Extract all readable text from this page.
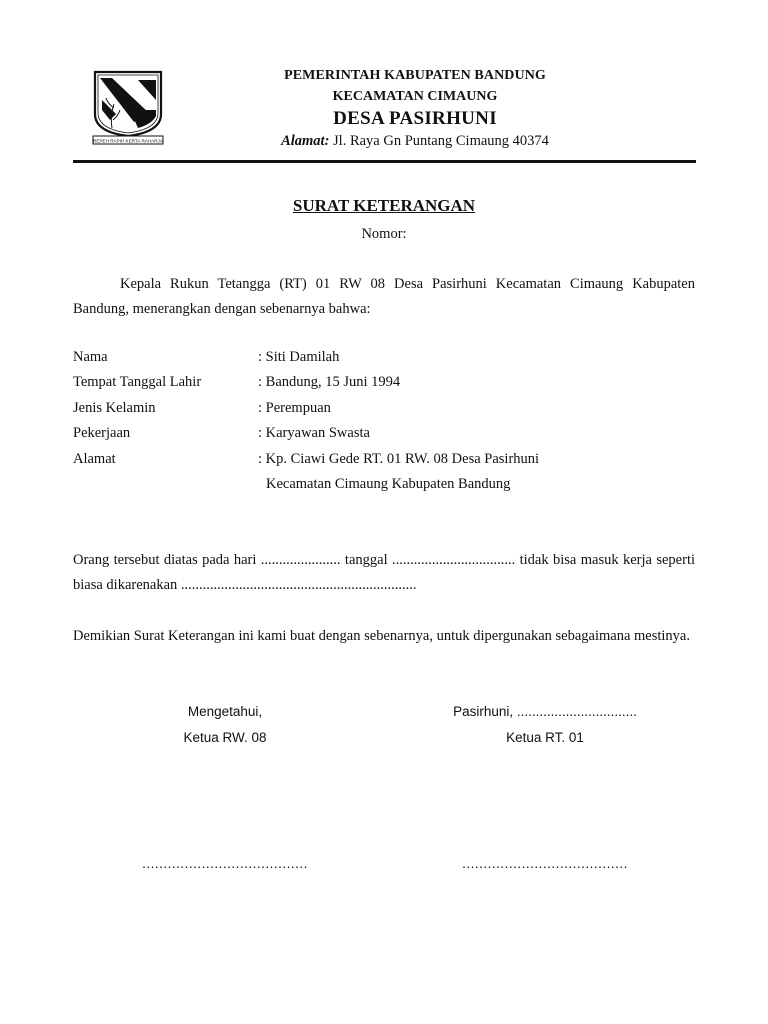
REPEH RAPIH KERTA RAHARJA
PEMERINTAH KABUPATEN BANDUNG
KECAMATAN CIMAUNG
DESA PASIRHUNI
Alamat: Jl. Raya Gn Puntang Cimaung 40374
SURAT KETERANGAN
Nomor:
Kepala Rukun Tetangga (RT) 01 RW 08 Desa Pasirhuni Kecamatan Cimaung Kabupaten Bandung, menerangkan dengan sebenarnya bahwa:
Nama	: Siti Damilah
Tempat Tanggal Lahir	: Bandung, 15 Juni 1994
Jenis Kelamin	: Perempuan
Pekerjaan	: Karyawan Swasta
Alamat	: Kp. Ciawi Gede RT. 01 RW. 08 Desa Pasirhuni
Kecamatan Cimaung Kabupaten Bandung
Orang tersebut diatas pada hari ...................... tanggal .................................. tidak bisa masuk kerja seperti biasa dikarenakan .................................................................
Demikian Surat Keterangan ini kami buat dengan sebenarnya, untuk dipergunakan sebagaimana mestinya.
Mengetahui,	Pasirhuni, ................................
Ketua RW. 08	Ketua RT. 01
.......................................	.......................................
